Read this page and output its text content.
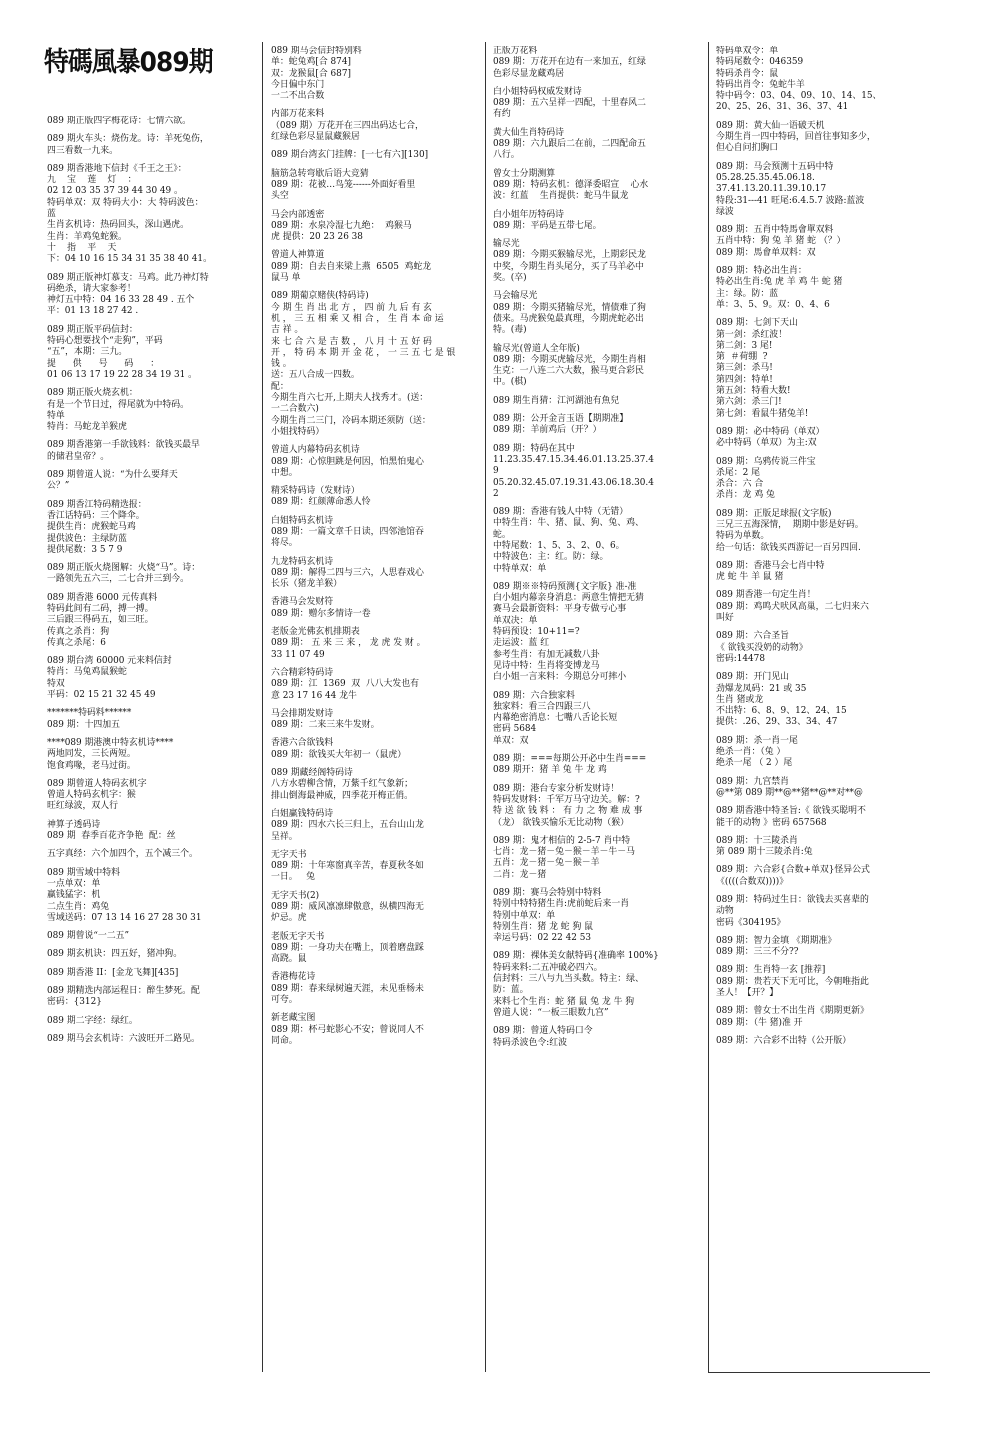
特碼風暴089期
089 期正版四字梅花诗：七情六欲。
089 期火车头：烧伤龙。诗：羊死兔伤，
四三看数一九来。
089 期香港地下信封《千王之王》：
九    宝    莲    灯    ：
02 12 03 35 37 39 44 30 49 。
特码单双：双 特码大小：大 特码波色：
蓝
生肖玄机诗：热码回头，深山遇虎。
生肖：羊鸡兔蛇猴。
十    指    平    天
下：04 10 16 15 34 31 35 38 40 41。
089 期正版神灯慕支：马鸡。此乃神灯特
码绝杀，请大家参考！
神灯五中特：04 16 33 28 49 . 五个
平：01 13 18 27 42 .
089 期正版平码信封：
特码心想要找个“走狗”，平码
“五”，本期：三九。
提      供      号      码      ：
01 06 13 17 19 22 28 34 19 31 。
089 期正版火烧玄机：
有是一个节日过，得尾就为中特码。
特单
特肖：马蛇龙羊猴虎
089 期香港第一手欲钱料：欲钱买最早
的储君皇帝？。
089 期曾道人说：“为什么要拜天
公？”
089 期香江特码精选报：
香江话特码：三个降伞。
提供生肖：虎猴蛇马鸡
提供波色：主绿防蓝
提供尾数：3 5 7 9
089 期正版火烧图解：火烧“马”。诗：
一路领先五六三，二七合并三到今。
089 期香港 6000 元传真料
特码此间有二码，搏一搏。
三后跟三得码五，如三旺。
传真之杀肖：狗
传真之杀尾：6
089 期台湾 60000 元来料信封
特肖：马兔鸡鼠猴蛇
特双
平码：02 15 21 32 45 49
*******特码料******
089 期：十四加五
****089 期港澳中特玄机诗****
两地同发，三长两短。
饱食鸡喙，老马过街。
089 期曾道人特码玄机字
曾道人特码玄机字：猴
旺红绿波，双人行
神算子透码诗
089 期  春季百花齐争艳  配：丝
五字真经：六个加四个，五个减三个。
089 期雪域中特料
一点单双：单
赢钱猛字：机
二点生肖：鸡兔
雪域送码：07 13 14 16 27 28 30 31
089 期曾说“一二五”
089 期玄机诀：四五好，猪冲狗。
089 期香港 II：[金龙飞舞][435]
089 期精选内部运程日：醉生梦死。配
密码：{312}
089 期二字经：绿红。
089 期马会玄机诗：六波旺开二路见。
089 期马会信封特别料
单：蛇兔鸡[合 874]
双：龙猴鼠[合 687]
今日偏中东门
一二不出合数
内部万花来料
（089 期）万花开在三四出码达七合，
红绿色彩尽显鼠藏猴居
089 期台湾玄门挂牌：[一七有六][130]
脑筋急转弯歇后语大竞猜
089 期：花被…鸟笼------外面好看里
头空
马会内部透密
089 期：水泉冷湿七九绝：  鸡猴马
虎 提供：20 23 26 38
曾道人神算道
089 期：自去自来梁上燕  6505  鸡蛇龙
鼠马 单
089 期葡京赌侠(特码诗)
今 期 生 肖 出 北 方 ， 四 前 九 后 有 玄
机 ， 三 五 相 乘 又 相 合 ， 生 肖 本 命 运
吉 祥 。
来 七 合 六 是 吉 数 ， 八 月 十 五 好 码
开 ， 特 码 本 期 开 金 花 ， 一 三 五 七 是 银
钱 。
送：五八合成一四数。
配：
今期生肖六七开,上期夫人找秀才。(送：
一二合数六)
今期生肖二三门，冷码本期还须防（送：
小姐找特码）
曾道人内幕特码玄机诗
089 期：心惊胆跳是何因，怕黑怕鬼心
中想。
精采特码诗（发财诗）
089 期：红颜薄命悉人怜
白姐特码玄机诗
089 期：一篇文章千日读，四邻池馆吞
将尽。
九龙特码玄机诗
089 期：解得二四与三六，人思春戏心
长乐（猪龙羊猴）
香港马会发财符
089 期：赠尔多情诗一卷
老版金光佛玄机排期表
089 期： 五 来 三 来 ， 龙 虎 发 财 。
33 11 07 49
六合精彩特码诗
089 期：江  1369  双  八八大发也有
意 23 17 16 44 龙牛
马会排期发财诗
089 期：二来三来牛发财。
香港六合欲钱料
089 期：欲钱买大年初一（鼠虎）
089 期藏经阁特码诗
八方水碧柳含情，万紫千红气象新；
排山倒海最神威，四季花开梅正俏。
白姐赢钱特码诗
089 期：四水六长三归上，五台山山龙
呈祥。
无字天书
089 期：十年寒窗真辛苦，春夏秋冬如
一日。   兔
无字天书(2)
089 期：威风凛凛肆傲意，纵横四海无
炉忌。虎
老版无字天书
089 期：一身功夫在嘴上，顶着磨盘踩
高跷。鼠
香港梅花诗
089 期：春来绿树遍天涯，未见垂杨未
可夸。
新老藏宝图
089 期：杯弓蛇影心不安；曾说同人不
同命。
正版万花料
089 期：万花开在边有一来加五，红绿
色彩尽显龙藏鸡居
白小姐特码权威发财诗
089 期：五六呈祥一四配，十里春风二
有约
黄大仙生肖特码诗
089 期：六九跟后二在前，二四配命五
八行。
曾女士分期测算
089 期：特码玄机：德泽委昭宣    心水
波：红蓝    生肖提供：蛇马牛鼠龙
白小姐年历特码诗
089 期：平码是五带七尾。
输尽光
089 期：今期买猴输尽光，上期彩民龙
中奖，今期生肖头尾分，买了马羊必中
奖。(卒)
马会输尽光
089 期：今期买猪输尽光，情债难了狗
债来。马虎猴兔最真理，今期虎蛇必出
特。(毒)
输尽光(曾道人全年版)
089 期：今期买虎输尽光，今期生肖相
生克：一八连二六大数，猴马更合彩民
中。(棋)
089 期生肖猜：江河湖池有魚兒
089 期：公开金言玉语【期期准】
089 期：羊前鸡后（开？）
089 期：特码在其中
11.23.35.47.15.34.46.01.13.25.37.4
9
05.20.32.45.07.19.31.43.06.18.30.4
2
089 期：香港有钱人中特（无错）
中特生肖：牛、猪、鼠、狗、兔、鸡、
蛇。
中特尾数：1、5、3、2、0、6。
中特波色：主：红。防：绿。
中特单双：单
089 期※※特码预测{文字版} 准-准
白小姐内幕亲身消息：两意生情把无猜
赛马会最新资料：平身专做亏心事
单双决：单
特码预设：10+11=?
走运波：蓝 红
参考生肖：有加无减数八卦
见诗中特：生肖将变博龙马
白小姐一言来料：今期总分可摔小
089 期：六合独家料
独家料：看三合四跟三八
内幕绝密消息：七嘴八舌论长短
密码 5684
单双：双
089 期：===每期公开必中生肖===
089 期开：猪 羊 兔 牛 龙 鸡
089 期：港台专家分析发财诗！
特码发财料：千军万马守边关。解：?
特 送 欲 钱 料 ： 有 力 之 物 难 成 事
（龙） 欲钱买愉乐无比动物（猴）
089 期：鬼才相信的 2-5-7 肖中特
七肖：龙－猪－兔－猴－羊－牛－马
五肖：龙－猪－兔－猴－羊
二肖：龙－猪
089 期：赛马会特别中特料
特别中特特猪生肖:虎前蛇后来一肖
特别中单双：单
特别生肖：猪 龙 蛇 狗 鼠
幸运号码：02 22 42 53
089 期：裸体美女献特码{准确率 100%}
特码来料:二五冲破必四六。
信封料：三八与九当头数。特主：绿、
防：蓝。
来料七个生肖：蛇 猪 鼠 兔 龙 牛 狗
曾道人说：“一板三眼数九宫”
089 期：曾道人特码口令
特码杀波色令:红波
特码单双令：单
特码尾数令：046359
特码杀肖令：鼠
特码出肖令：兔蛇牛羊
特中码令：03、04、09、10、14、15、
20、25、26、31、36、37、41
089 期：黄大仙一语破天机
今期生肖一四中特码，回首往事知多少，
但心自问扪胸口
089 期：马会预测十五码中特
05.28.25.35.45.06.18.
37.41.13.20.11.39.10.17
特段:31---41 旺尾:6.4.5.7 波路:蓝波
绿波
089 期：五肖中特馬會單双料
五肖中特：狗 兔 羊 猪 蛇 （？）
089 期：馬會单双料：双
089 期：特必出生肖：
特必出生肖:兔 虎 羊 鸡 牛 蛇 猪
主：绿。防：蓝
单：3、5、9。双：0、4、6
089 期：七剑下天山
第一剑：杀红波！
第二剑：3 尾!
第  ＃荷绷  ?
第三剑：杀马!
第四剑：特单!
第五剑：特看大数!
第六剑：杀三门!
第七剑：看鼠牛猪兔羊!
089 期：必中特码（单双）
必中特码（单双）为主:双
089 期：乌鸦传说三件宝
杀尾：2 尾
杀合：六 合
杀肖：龙 鸡 兔
089 期：正版足球报(文字版)
三兄三五海深情，  期期中影是好码。
特码为单数。
给一句话：欲钱买西游记一百另四回.
089 期：香港马会七肖中特
虎 蛇 牛 羊 鼠 猪
089 期香港一句定生肖！
089 期：鸡鸣犬吠风高巢，二七归来六
叫好
089 期：六合圣旨
《 欲钱买没奶的动物》
密码:14478
089 期：开门见山
劲爆龙凤码：21 或 35
生肖 猪或龙
不出特：6、8、9、12、24、15
提供：.26、29、33、34、47
089 期：杀一肖一尾
绝杀一肖：（兔 ）
绝杀一尾 （ 2 ）尾
089 期：九宫禁肖
@**第 089 期**@**猪**@**对**@
089 期香港中特圣旨:《 欲钱买聪明不
能干的动物 》密码 657568
089 期：十三陵杀肖
第 089 期十三陵杀肖:兔
089 期：六合彩{合数+单双}怪异公式
《((((合数双))))》
089 期：特码过生日：欲钱去买喜辈的
动物
密码《304195》
089 期：智力金填 《期期准》
089 期：三三不分??
089 期：生肖特一玄 [推荐]
089 期：贵若天下无可比，今朝唯指此
圣人！【开？】
089 期：曾女士不出生肖《期期更新》
089 期：（牛 猪)准 开
089 期：六合彩不出特（公开版）
